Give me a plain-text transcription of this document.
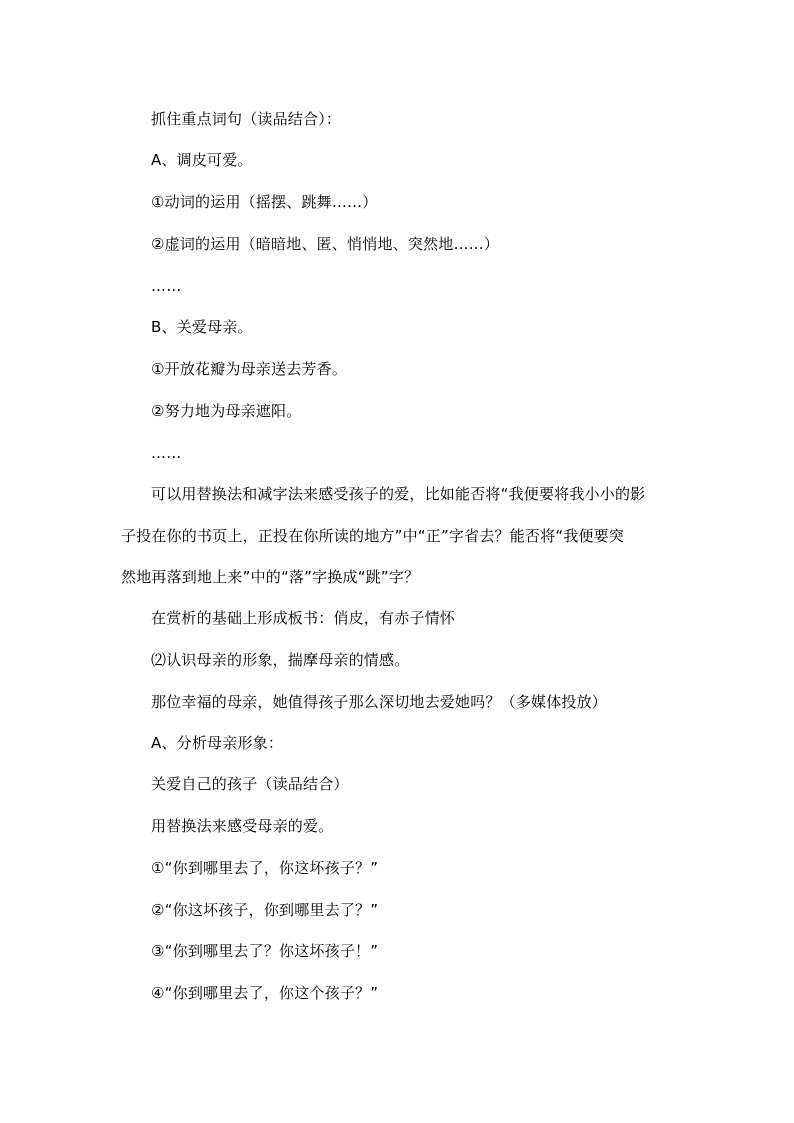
抓住重点词句（读品结合）：
A、调皮可爱。
①动词的运用（摇摆、跳舞……）
②虚词的运用（暗暗地、匿、悄悄地、突然地……）
……
B、关爱母亲。
①开放花瓣为母亲送去芳香。
②努力地为母亲遮阳。
……
可以用替换法和减字法来感受孩子的爱，比如能否将“我便要将我小小的影
子投在你的书页上，正投在你所读的地方”中“正”字省去？能否将“我便要突
然地再落到地上来”中的“落”字换成“跳”字？
在赏析的基础上形成板书：俏皮，有赤子情怀
⑵认识母亲的形象，揣摩母亲的情感。
那位幸福的母亲，她值得孩子那么深切地去爱她吗？（多媒体投放）
A、分析母亲形象：
关爱自己的孩子（读品结合）
用替换法来感受母亲的爱。
①“你到哪里去了，你这坏孩子？”
②“你这坏孩子，你到哪里去了？”
③“你到哪里去了？你这坏孩子！”
④“你到哪里去了，你这个孩子？”
